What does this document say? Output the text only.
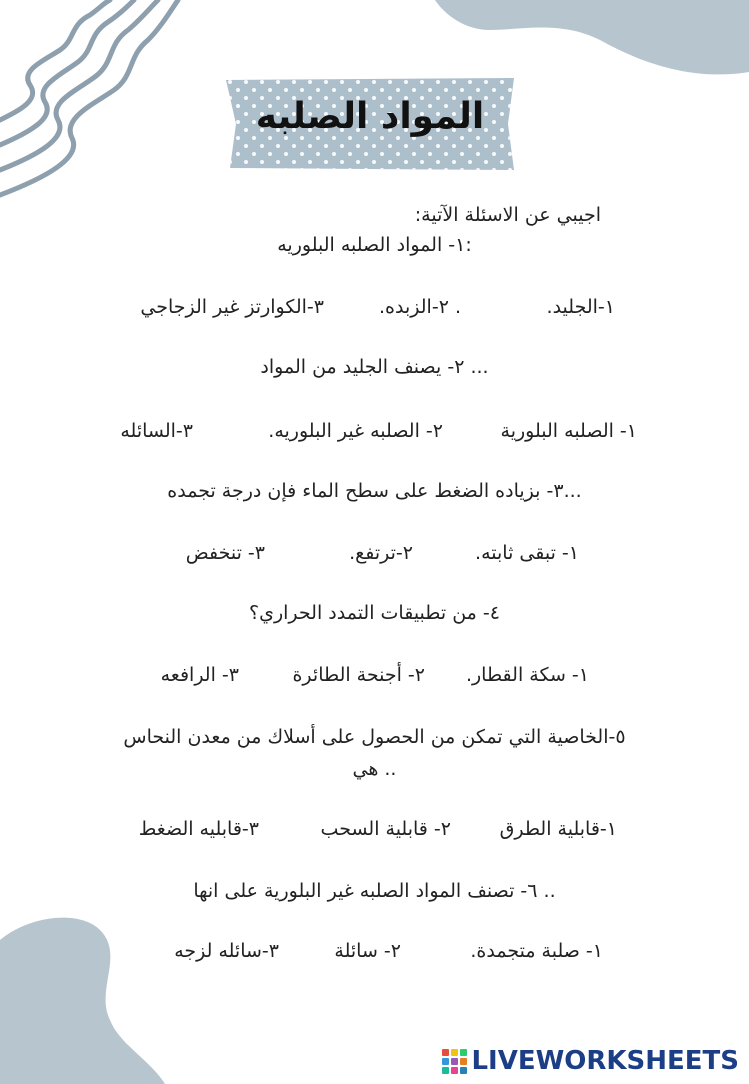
المواد الصلبه
اجيبي عن الاسئلة الآتية:
:١- المواد الصلبه البلوريه
١-الجليد.
. ٢-الزبده.
٣-الكوارتز غير الزجاجي
... ٢- يصنف الجليد من المواد
١- الصلبه البلورية
٢- الصلبه غير البلوريه.
٣-السائله
...٣- بزياده الضغط على سطح الماء فإن درجة تجمده
١- تبقى ثابته.
٢-ترتفع.
٣- تنخفض
٤- من تطبيقات التمدد الحراري؟
١- سكة القطار.
٢- أجنحة الطائرة
٣- الرافعه
٥-الخاصية التي تمكن من الحصول على أسلاك من معدن النحاس
.. هي
١-قابلية الطرق
٢- قابلية السحب
٣-قابليه الضغط
.. ٦- تصنف المواد الصلبه غير البلورية على انها
١- صلبة متجمدة.
٢- سائلة
٣-سائله لزجه
LIVEWORKSHEETS
